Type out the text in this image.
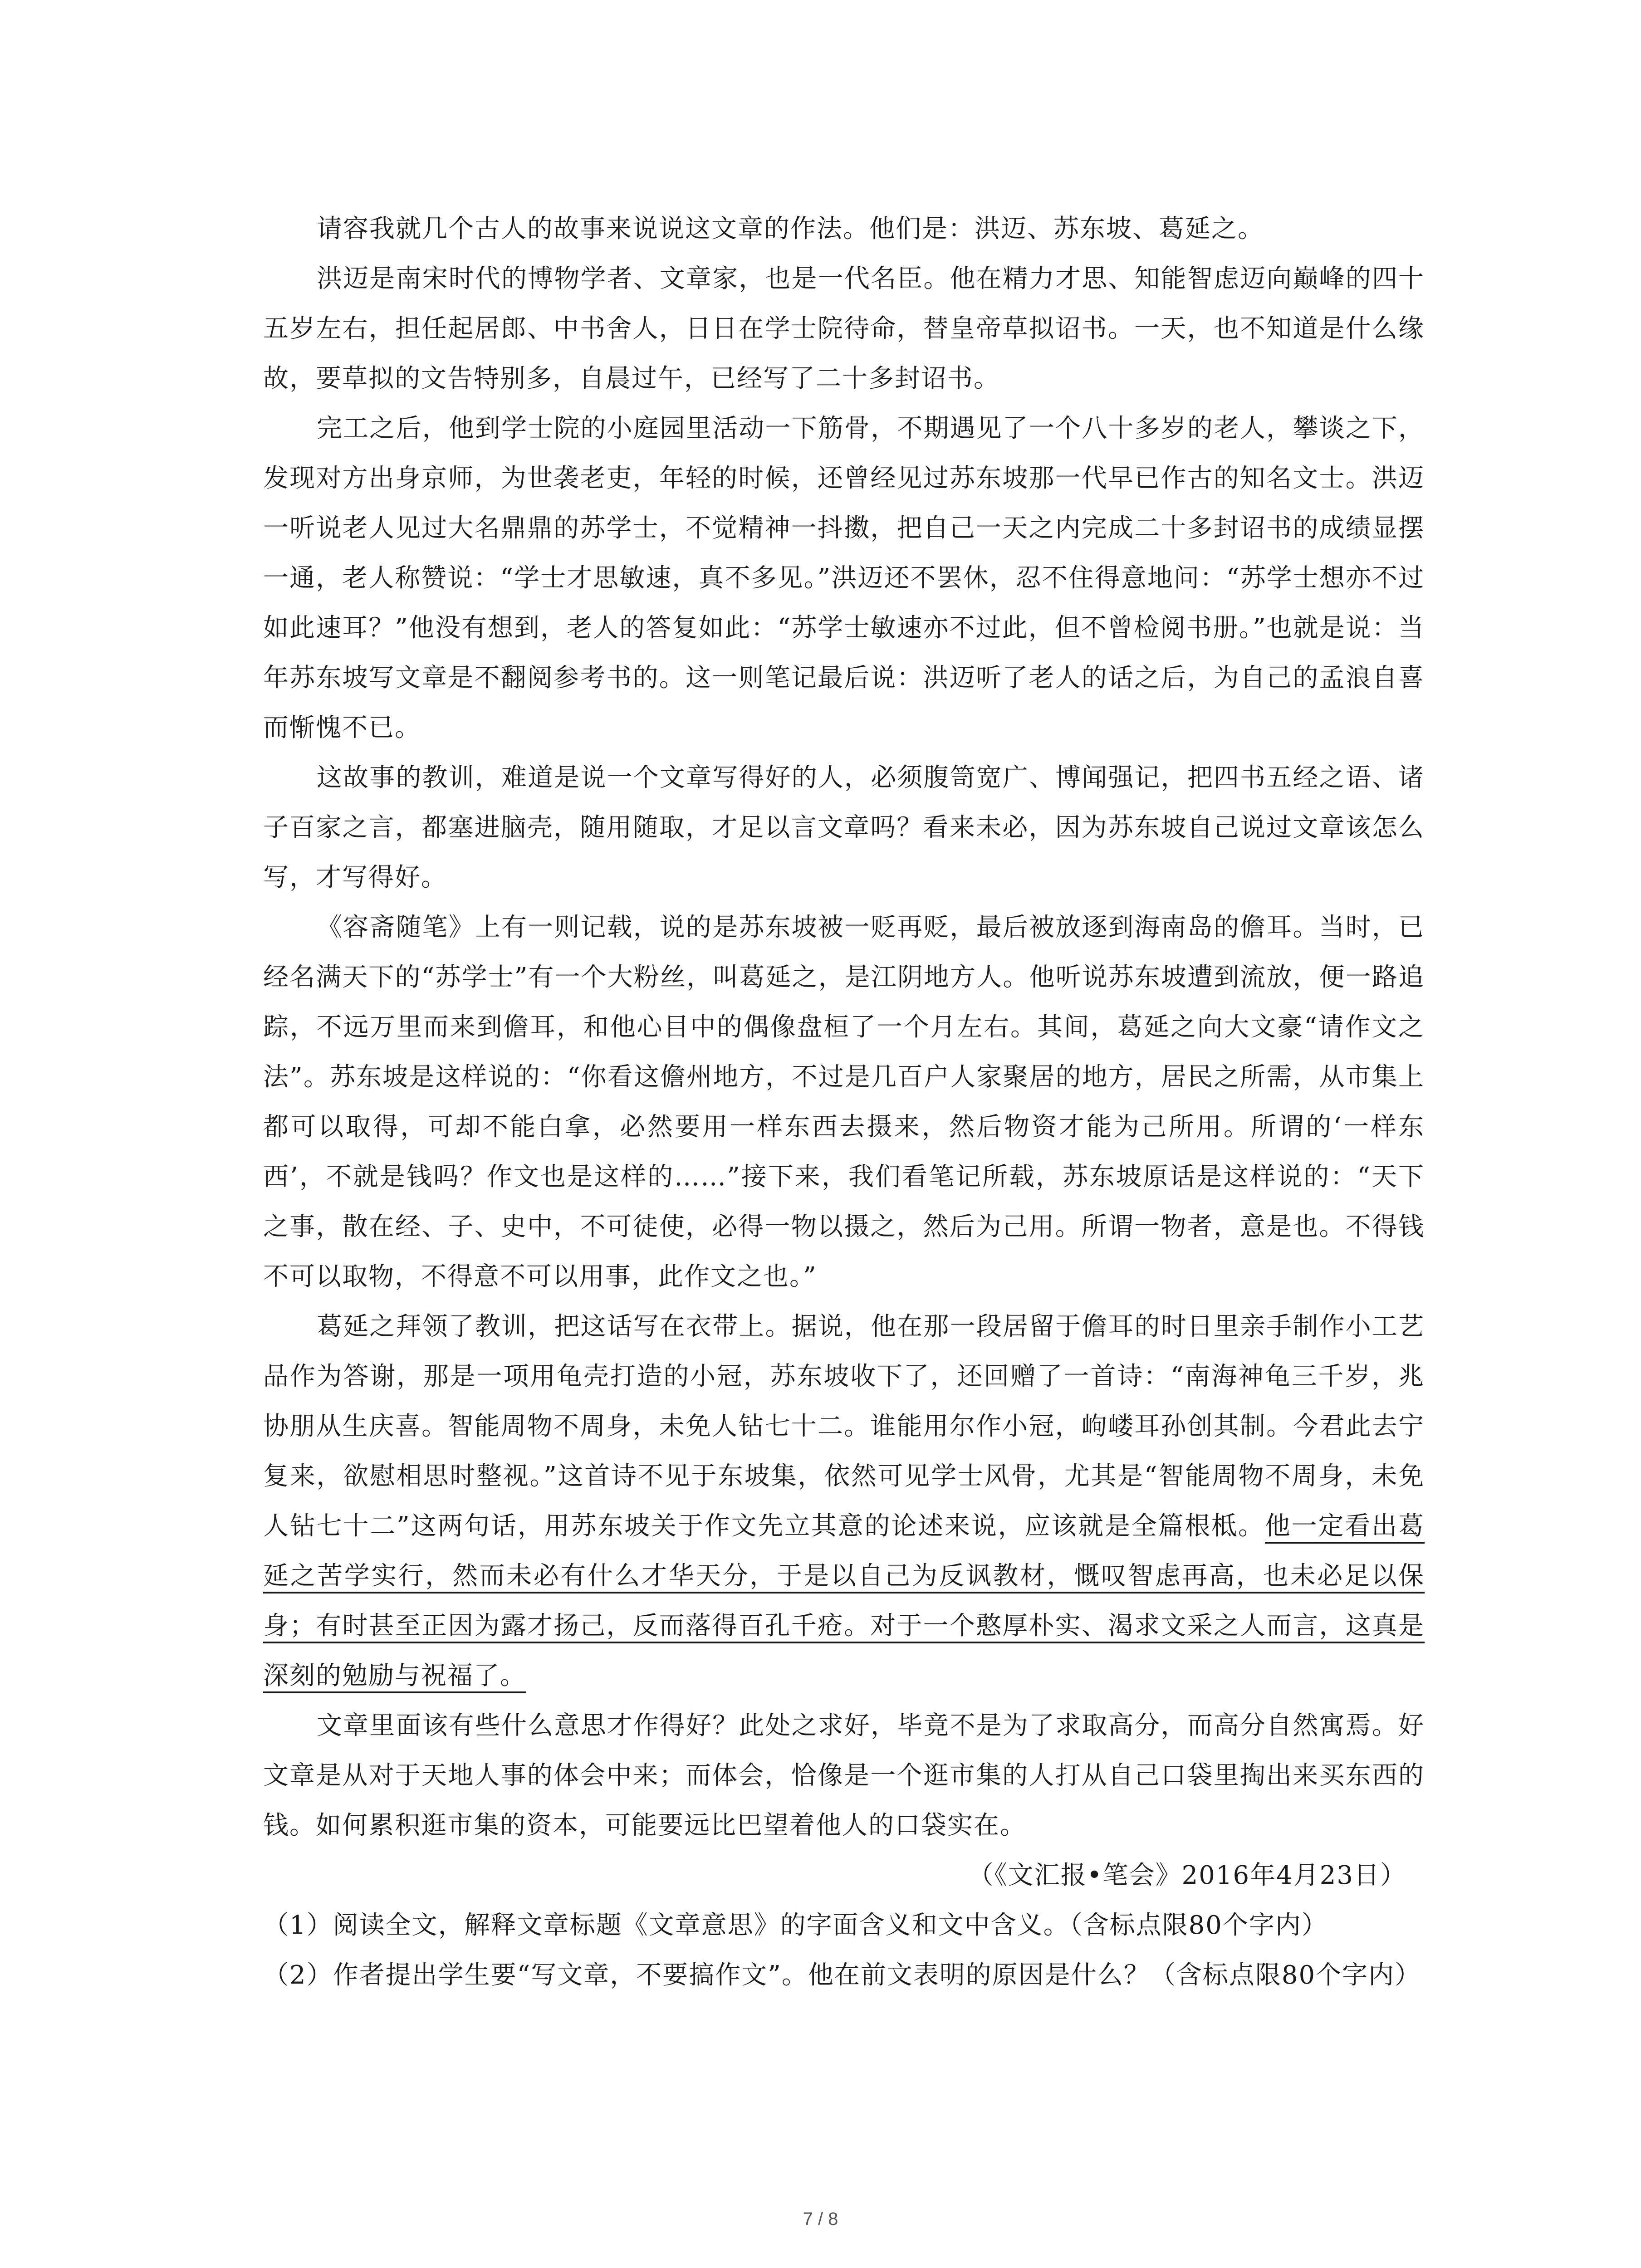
请容我就几个古人的故事来说说这文章的作法。他们是：洪迈、苏东坡、葛延之。

洪迈是南宋时代的博物学者、文章家，也是一代名臣。他在精力才思、知能智虑迈向巅峰的四十五岁左右，担任起居郎、中书舍人，日日在学士院待命，替皇帝草拟诏书。一天，也不知道是什么缘故，要草拟的文告特别多，自晨过午，已经写了二十多封诏书。

完工之后，他到学士院的小庭园里活动一下筋骨，不期遇见了一个八十多岁的老人，攀谈之下，发现对方出身京师，为世袭老吏，年轻的时候，还曾经见过苏东坡那一代早已作古的知名文士。洪迈一听说老人见过大名鼎鼎的苏学士，不觉精神一抖擞，把自己一天之内完成二十多封诏书的成绩显摆一通，老人称赞说：“学士才思敏速，真不多见。”洪迈还不罢休，忍不住得意地问：“苏学士想亦不过如此速耳？”他没有想到，老人的答复如此：“苏学士敏速亦不过此，但不曾检阅书册。”也就是说：当年苏东坡写文章是不翻阅参考书的。这一则笔记最后说：洪迈听了老人的话之后，为自己的孟浪自喜而惭愧不已。

这故事的教训，难道是说一个文章写得好的人，必须腹笥宽广、博闻强记，把四书五经之语、诸子百家之言，都塞进脑壳，随用随取，才足以言文章吗？看来未必，因为苏东坡自己说过文章该怎么写，才写得好。

《容斋随笔》上有一则记载，说的是苏东坡被一贬再贬，最后被放逐到海南岛的儋耳。当时，已经名满天下的“苏学士”有一个大粉丝，叫葛延之，是江阴地方人。他听说苏东坡遭到流放，便一路追踪，不远万里而来到儋耳，和他心目中的偶像盘桓了一个月左右。其间，葛延之向大文豪“请作文之法”。苏东坡是这样说的：“你看这儋州地方，不过是几百户人家聚居的地方，居民之所需，从市集上都可以取得，可却不能白拿，必然要用一样东西去摄来，然后物资才能为己所用。所谓的‘一样东西’，不就是钱吗？作文也是这样的……”接下来，我们看笔记所载，苏东坡原话是这样说的：“天下之事，散在经、子、史中，不可徒使，必得一物以摄之，然后为己用。所谓一物者，意是也。不得钱不可以取物，不得意不可以用事，此作文之也。”

葛延之拜领了教训，把这话写在衣带上。据说，他在那一段居留于儋耳的时日里亲手制作小工艺品作为答谢，那是一项用龟壳打造的小冠，苏东坡收下了，还回赠了一首诗：“南海神龟三千岁，兆协朋从生庆喜。智能周物不周身，未免人钻七十二。谁能用尔作小冠，岣嵝耳孙创其制。今君此去宁复来，欲慰相思时整视。”这首诗不见于东坡集，依然可见学士风骨，尤其是“智能周物不周身，未免人钻七十二”这两句话，用苏东坡关于作文先立其意的论述来说，应该就是全篇根柢。他一定看出葛延之苦学实行，然而未必有什么才华天分，于是以自己为反讽教材，慨叹智虑再高，也未必足以保身；有时甚至正因为露才扬己，反而落得百孔千疮。对于一个憨厚朴实、渴求文采之人而言，这真是深刻的勉励与祝福了。

文章里面该有些什么意思才作得好？此处之求好，毕竟不是为了求取高分，而高分自然寓焉。好文章是从对于天地人事的体会中来；而体会，恰像是一个逛市集的人打从自己口袋里掏出来买东西的钱。如何累积逛市集的资本，可能要远比巴望着他人的口袋实在。

（《文汇报•笔会》2016年4月23日）

（1）阅读全文，解释文章标题《文章意思》的字面含义和文中含义。（含标点限80个字内）

（2）作者提出学生要“写文章，不要搞作文”。他在前文表明的原因是什么？（含标点限80个字内）

7 / 8
